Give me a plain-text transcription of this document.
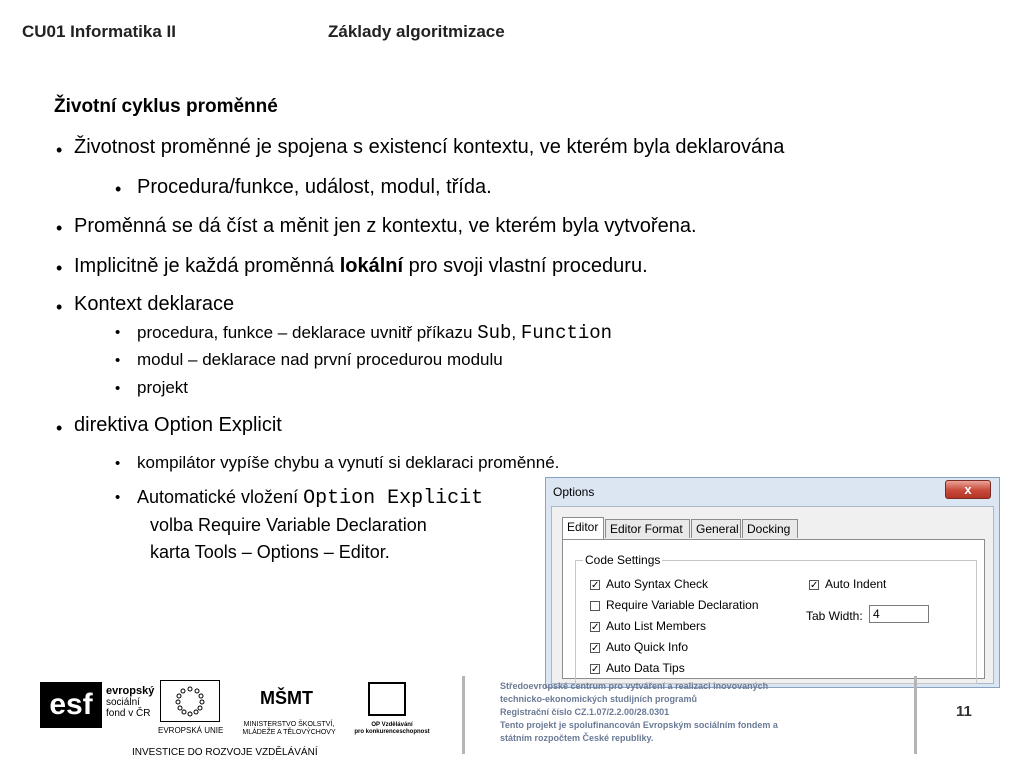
CU01 Informatika II	Základy algoritmizace
Životní cyklus proměnné
• Životnost proměnné je spojena s existencí kontextu, ve kterém byla deklarována
• Procedura/funkce, událost, modul, třída.
• Proměnná se dá číst a měnit jen z kontextu, ve kterém byla vytvořena.
• Implicitně je každá proměnná lokální pro svoji vlastní proceduru.
• Kontext deklarace
• procedura, funkce – deklarace uvnitř příkazu Sub, Function
• modul – deklarace nad první procedurou modulu
• projekt
• direktiva Option Explicit
• kompilátor vypíše chybu a vynutí si deklaraci proměnné.
• Automatické vložení Option Explicit
volba Require Variable Declaration
karta Tools – Options – Editor.
Options	x
Editor Editor Format	General Docking
Code Settings
✓ Auto Syntax Check
Require Variable Declaration
✓ Auto List Members
✓ Auto Quick Info
✓ Auto Data Tips
✓ Auto Indent
Tab Width: 4
esf	evropský
sociální
fond v ČR
EVROPSKÁ UNIE
MŠMT
MINISTERSTVO ŠKOLSTVÍ,
MLÁDEŽE A TĚLOVÝCHOVY
OP Vzdělávání
pro konkurenceschopnost
INVESTICE DO ROZVOJE VZDĚLÁVÁNÍ
Středoevropské centrum pro vytváření a realizaci inovovaných
technicko-ekonomických studijních programů
Registrační číslo CZ.1.07/2.2.00/28.0301
Tento projekt je spolufinancován Evropským sociálním fondem a
státním rozpočtem České republiky.
11
